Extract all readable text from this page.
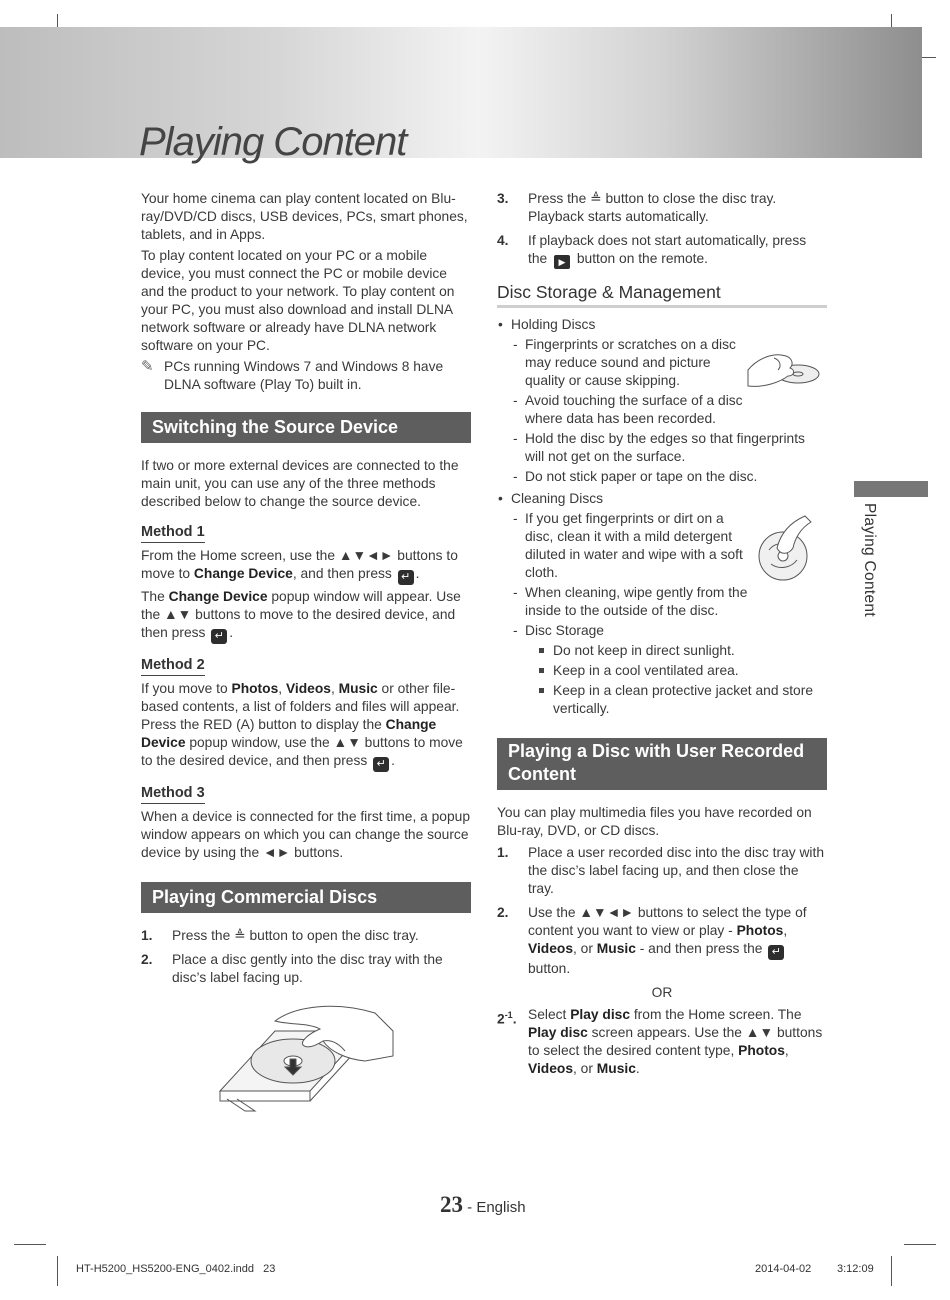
Playing Content

Your home cinema can play content located on Blu-ray/DVD/CD discs, USB devices, PCs, smart phones, tablets, and in Apps.

To play content located on your PC or a mobile device, you must connect the PC or mobile device and the product to your network. To play content on your PC, you must also download and install DLNA network software or already have DLNA network software on your PC.

✎ PCs running Windows 7 and Windows 8 have DLNA software (Play To) built in.
Switching the Source Device

If two or more external devices are connected to the main unit, you can use any of the three methods described below to change the source device.

Method 1

From the Home screen, use the ▲▼◄► buttons to move to Change Device, and then press ↵ .

The Change Device popup window will appear. Use the ▲▼ buttons to move to the desired device, and then press ↵ .

Method 2

If you move to Photos, Videos, Music or other file-based contents, a list of folders and files will appear. Press the RED (A) button to display the Change Device popup window, use the ▲▼ buttons to move to the desired device, and then press ↵ .

Method 3

When a device is connected for the first time, a popup window appears on which you can change the source device by using the ◄► buttons.

Playing Commercial Discs
1. Press the ≜ button to open the disc tray.
2. Place a disc gently into the disc tray with the disc’s label facing up.
3. Press the ≜ button to close the disc tray. Playback starts automatically.
4. If playback does not start automatically, press the ▶ button on the remote.
Disc Storage & Management
• Holding Discs
- Fingerprints or scratches on a disc may reduce sound and picture quality or cause skipping.
- Avoid touching the surface of a disc where data has been recorded.
- Hold the disc by the edges so that fingerprints will not get on the surface.
- Do not stick paper or tape on the disc.
• Cleaning Discs
- If you get fingerprints or dirt on a disc, clean it with a mild detergent diluted in water and wipe with a soft cloth.
- When cleaning, wipe gently from the inside to the outside of the disc.
- Disc Storage
Do not keep in direct sunlight.
Keep in a cool ventilated area.
Keep in a clean protective jacket and store vertically.
Playing a Disc with User Recorded Content

You can play multimedia files you have recorded on Blu-ray, DVD, or CD discs.

1. Place a user recorded disc into the disc tray with the disc’s label facing up, and then close the tray.
2. Use the ▲▼◄► buttons to select the type of content you want to view or play - Photos, Videos, or Music - and then press the ↵ button.
OR
$2^{-1}$. Select Play disc from the Home screen. The Play disc screen appears. Use the ▲▼ buttons to select the desired content type, Photos, Videos, or Music.
Playing Content
23 - English
HT-H5200_HS5200-ENG_0402.indd   23	2014-04-02 3:12:09
